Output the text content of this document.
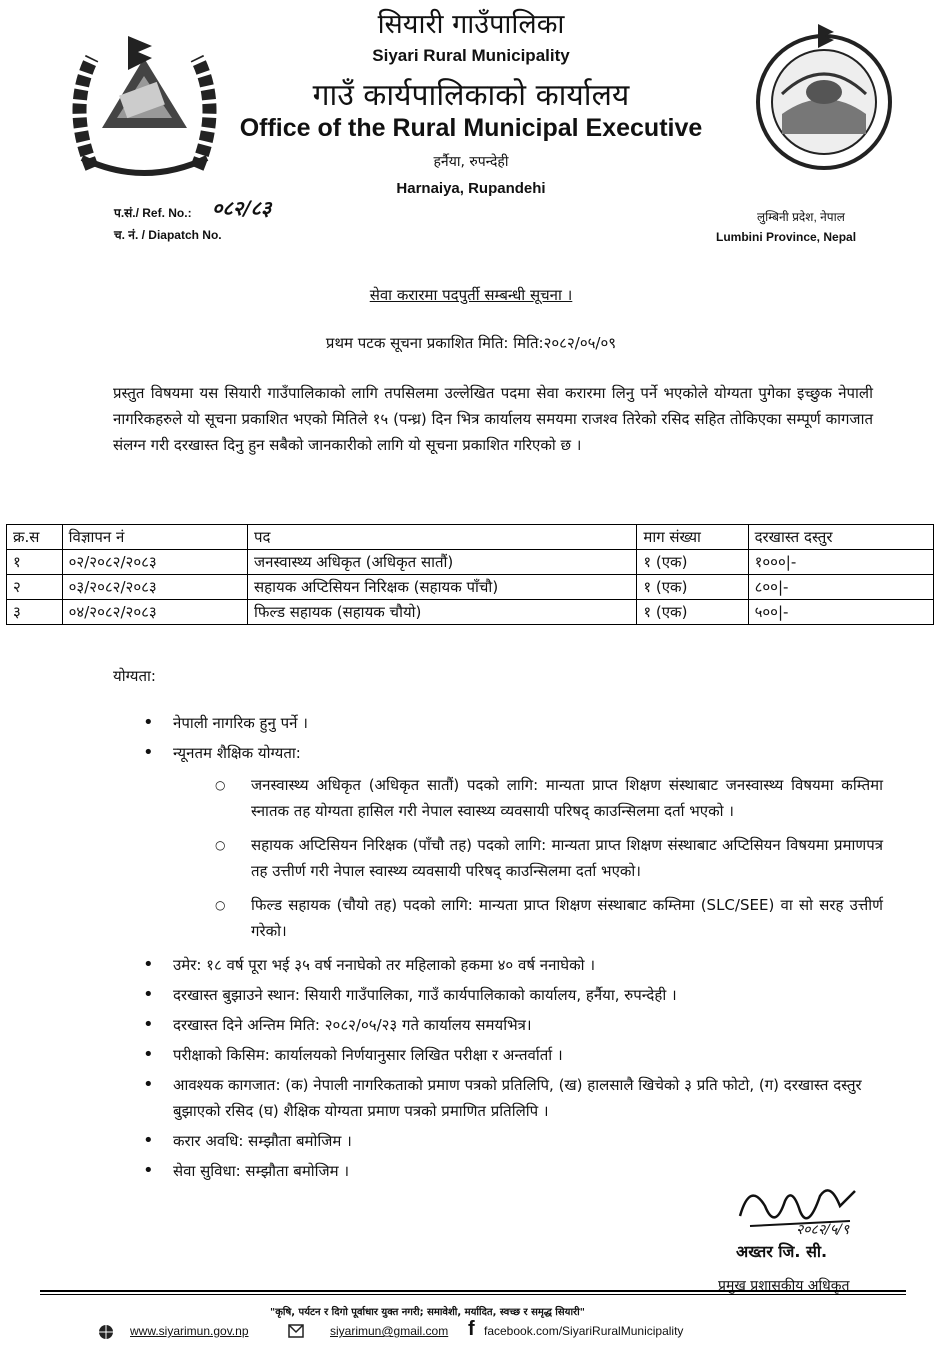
सियारी गाउँपालिका
Siyari Rural Municipality
गाउँ कार्यपालिकाको कार्यालय
Office of the Rural Municipal Executive
हर्नैया, रुपन्देही
Harnaiya, Rupandehi
प.सं./ Ref. No.: ०८२/८३
च. नं. / Diapatch No.
लुम्बिनी प्रदेश, नेपाल
Lumbini Province, Nepal
सेवा करारमा पदपुर्ती सम्बन्धी सूचना ।
प्रथम पटक सूचना प्रकाशित मिति: मिति:२०८२/०५/०९
प्रस्तुत विषयमा यस सियारी गाउँपालिकाको लागि तपसिलमा उल्लेखित पदमा सेवा करारमा लिनु पर्ने भएकोले योग्यता पुगेका इच्छुक नेपाली नागरिकहरुले यो सूचना प्रकाशित भएको मितिले १५ (पन्ध्र) दिन भित्र कार्यालय समयमा राजश्व तिरेको रसिद सहित तोकिएका सम्पूर्ण कागजात संलग्न गरी दरखास्त दिनु हुन सबैको जानकारीको लागि यो सूचना प्रकाशित गरिएको छ ।
क्र.स	विज्ञापन नं	पद	माग संख्या	दरखास्त दस्तुर
१	०२/२०८२/२०८३	जनस्वास्थ्य अधिकृत (अधिकृत सातौं)	१ (एक)	१०००|-
२	०३/२०८२/२०८३	सहायक अप्टिसियन निरिक्षक (सहायक पाँचौ)	१ (एक)	८००|-
३	०४/२०८२/२०८३	फिल्ड सहायक (सहायक चौयो)	१ (एक)	५००|-
योग्यता:
• नेपाली नागरिक हुनु पर्ने ।
• न्यूनतम शैक्षिक योग्यता:
○ जनस्वास्थ्य अधिकृत (अधिकृत सातौं) पदको लागि: मान्यता प्राप्त शिक्षण संस्थाबाट जनस्वास्थ्य विषयमा कम्तिमा स्नातक तह योग्यता हासिल गरी नेपाल स्वास्थ्य व्यवसायी परिषद् काउन्सिलमा दर्ता भएको ।
○ सहायक अप्टिसियन निरिक्षक (पाँचौ तह) पदको लागि: मान्यता प्राप्त शिक्षण संस्थाबाट अप्टिसियन विषयमा प्रमाणपत्र तह उत्तीर्ण गरी नेपाल स्वास्थ्य व्यवसायी परिषद् काउन्सिलमा दर्ता भएको।
○ फिल्ड सहायक (चौयो तह) पदको लागि: मान्यता प्राप्त शिक्षण संस्थाबाट कम्तिमा (SLC/SEE) वा सो सरह उत्तीर्ण गरेको।
• उमेर: १८ वर्ष पूरा भई ३५ वर्ष ननाघेको तर महिलाको हकमा ४० वर्ष ननाघेको ।
• दरखास्त बुझाउने स्थान: सियारी गाउँपालिका, गाउँ कार्यपालिकाको कार्यालय, हर्नैया, रुपन्देही ।
• दरखास्त दिने अन्तिम मिति: २०८२/०५/२३ गते कार्यालय समयभित्र।
• परीक्षाको किसिम: कार्यालयको निर्णयानुसार लिखित परीक्षा र अन्तर्वार्ता ।
• आवश्यक कागजात: (क) नेपाली नागरिकताको प्रमाण पत्रको प्रतिलिपि, (ख) हालसालै खिचेको ३ प्रति फोटो, (ग) दरखास्त दस्तुर बुझाएको रसिद (घ) शैक्षिक योग्यता प्रमाण पत्रको प्रमाणित प्रतिलिपि ।
• करार अवधि: सम्झौता बमोजिम ।
• सेवा सुविधा: सम्झौता बमोजिम ।
२०८२/५/९
अख्तर जि. सी.
प्रमुख प्रशासकीय अधिकृत
"कृषि, पर्यटन र दिगो पूर्वाधार युक्त नगरी; समावेशी, मर्यादित, स्वच्छ र समृद्ध सियारी"
www.siyarimun.gov.np	siyarimun@gmail.com f facebook.com/SiyariRuralMunicipality
